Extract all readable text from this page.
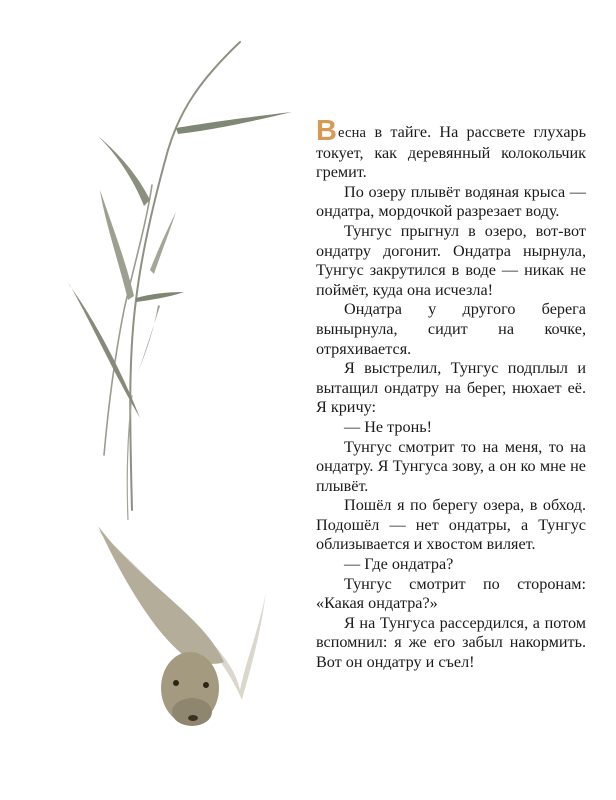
Весна в тайге. На рассвете глухарь токует, как деревянный колокольчик гремит.

По озеру плывёт водяная крыса — ондатра, мордочкой разрезает воду.

Тунгус прыгнул в озеро, вот-вот ондатру догонит. Ондатра нырнула, Тунгус закрутился в воде — никак не поймёт, куда она исчезла!

Ондатра у другого берега вынырнула, сидит на кочке, отряхивается.

Я выстрелил, Тунгус подплыл и вытащил ондатру на берег, нюхает её. Я кричу:

— Не тронь!

Тунгус смотрит то на меня, то на ондатру. Я Тунгуса зову, а он ко мне не плывёт.

Пошёл я по берегу озера, в обход. Подошёл — нет ондатры, а Тунгус облизывается и хвостом виляет.

— Где ондатра?

Тунгус смотрит по сторонам: «Какая ондатра?»

Я на Тунгуса рассердился, а потом вспомнил: я же его забыл накормить. Вот он ондатру и съел!
